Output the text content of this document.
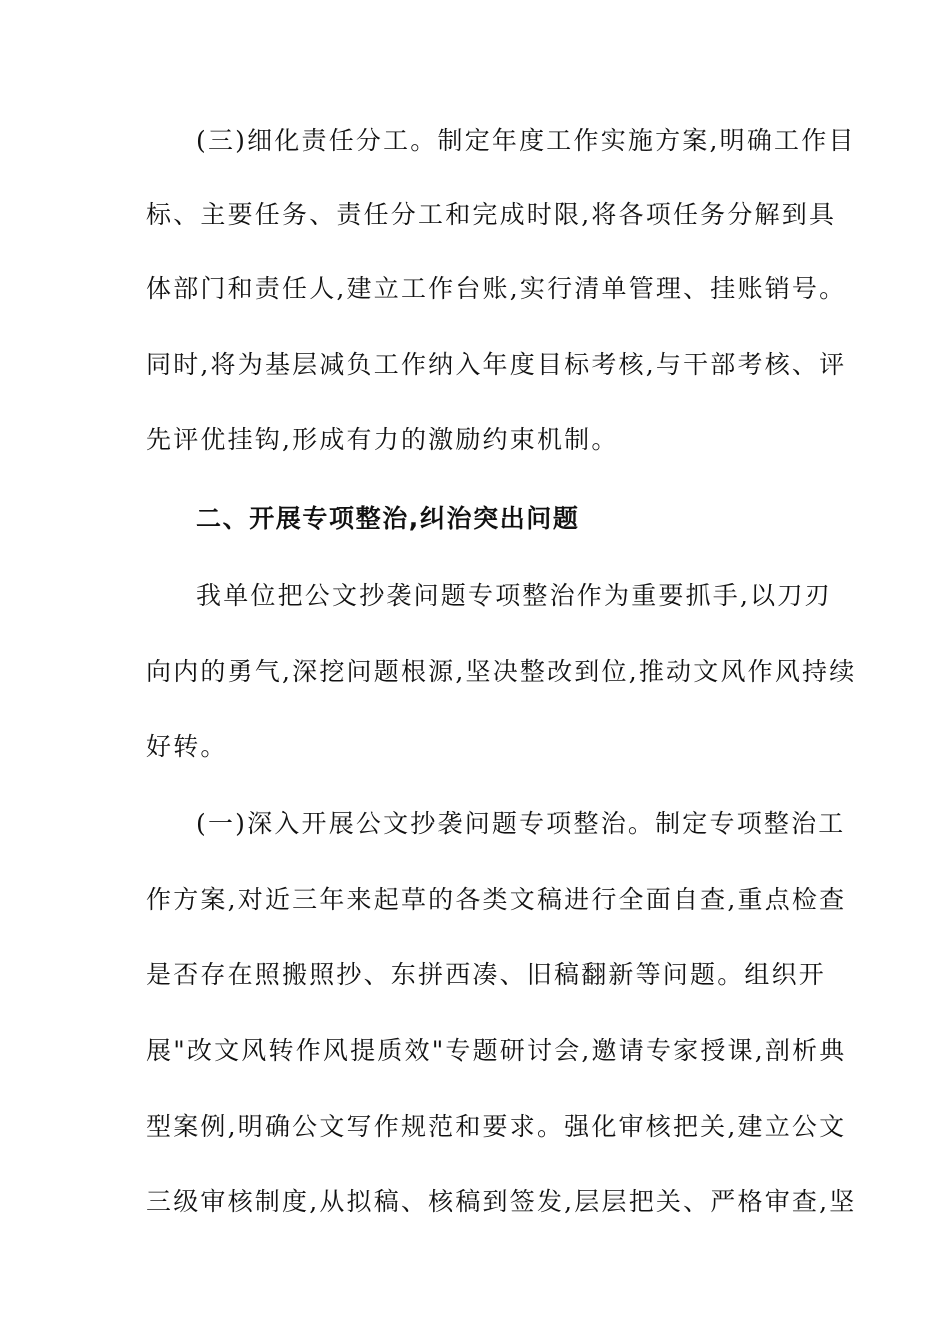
(三)细化责任分工。制定年度工作实施方案,明确工作目
标、主要任务、责任分工和完成时限,将各项任务分解到具
体部门和责任人,建立工作台账,实行清单管理、挂账销号。
同时,将为基层减负工作纳入年度目标考核,与干部考核、评
先评优挂钩,形成有力的激励约束机制。
二、开展专项整治,纠治突出问题
我单位把公文抄袭问题专项整治作为重要抓手,以刀刃
向内的勇气,深挖问题根源,坚决整改到位,推动文风作风持续
好转。
(一)深入开展公文抄袭问题专项整治。制定专项整治工
作方案,对近三年来起草的各类文稿进行全面自查,重点检查
是否存在照搬照抄、东拼西凑、旧稿翻新等问题。组织开
展"改文风转作风提质效"专题研讨会,邀请专家授课,剖析典
型案例,明确公文写作规范和要求。强化审核把关,建立公文
三级审核制度,从拟稿、核稿到签发,层层把关、严格审查,坚
